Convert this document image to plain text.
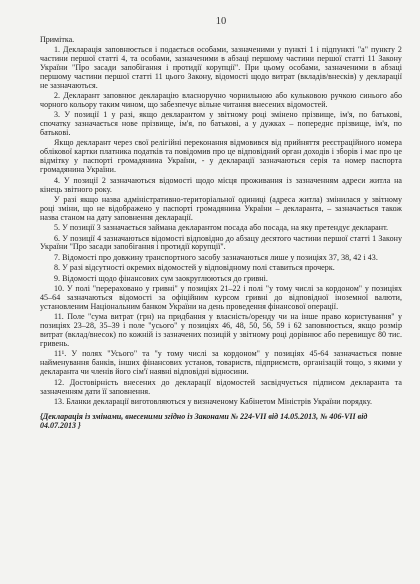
10
Примітка.

1. Декларація заповнюється і подається особами, зазначеними у пункті 1 і підпункті "а" пункту 2 частини першої статті 4, та особами, зазначеними в абзаці першому частини першої статті 11 Закону України "Про засади запобігання і протидії корупції". При цьому особами, зазначеними в абзаці першому частини першої статті 11 цього Закону, відомості щодо витрат (вкладів/внесків) у декларації не зазначаються.

2. Декларант заповнює декларацію власноручно чорнильною або кульковою ручкою синього або чорного кольору таким чином, що забезпечує вільне читання внесених відомостей.

3. У позиції 1 у разі, якщо декларантом у звітному році змінено прізвище, ім'я, по батькові, спочатку зазначається нове прізвище, ім'я, по батькові, а у дужках – попереднє прізвище, ім'я, по батькові.

Якщо декларант через свої релігійні переконання відмовився від прийняття реєстраційного номера облікової картки платника податків та повідомив про це відповідний орган доходів і зборів і має про це відмітку у паспорті громадянина України, - у декларації зазначаються серія та номер паспорта громадянина України.

4. У позиції 2 зазначаються відомості щодо місця проживання із зазначенням адреси житла на кінець звітного року.

У разі якщо назва адміністративно-територіальної одиниці (адреса житла) змінилася у звітному році зміни, що не відображено у паспорті громадянина України – декларанта, – зазначається також назва станом на дату заповнення декларації.

5. У позиції 3 зазначається займана декларантом посада або посада, на яку претендує декларант.

6. У позиції 4 зазначаються відомості відповідно до абзацу десятого частини першої статті 1 Закону України "Про засади запобігання і протидії корупції".

7. Відомості про довжину транспортного засобу зазначаються лише у позиціях 37, 38, 42 і 43.

8. У разі відсутності окремих відомостей у відповідному полі ставиться прочерк.

9. Відомості щодо фінансових сум заокруглюються до гривні.

10. У полі "перераховано у гривні" у позиціях 21–22 і полі "у тому числі за кордоном" у позиціях 45–64 зазначаються відомості за офіційним курсом гривні до відповідної іноземної валюти, установленим Національним банком України на день проведення фінансової операції.

11. Поле "сума витрат (грн) на придбання у власність/оренду чи на інше право користування" у позиціях 23–28, 35–39 і поле "усього" у позиціях 46, 48, 50, 56, 59 і 62 заповнюється, якщо розмір витрат (вклад/внесок) по кожній із зазначених позицій у звітному році дорівнює або перевищує 80 тис. гривень.

11¹. У полях "Усього" та "у тому числі за кордоном" у позиціях 45-64 зазначається повне найменування банків, інших фінансових установ, товариств, підприємств, організацій тощо, з якими у декларанта чи членів його сім'ї наявні відповідні відносини.

12. Достовірність внесених до декларації відомостей засвідчується підписом декларанта та зазначенням дати її заповнення.

13. Бланки декларації виготовляються у визначеному Кабінетом Міністрів України порядку.

{Декларація із змінами, внесеними згідно із Законами № 224-VII від 14.05.2013, № 406-VII від 04.07.2013 }
